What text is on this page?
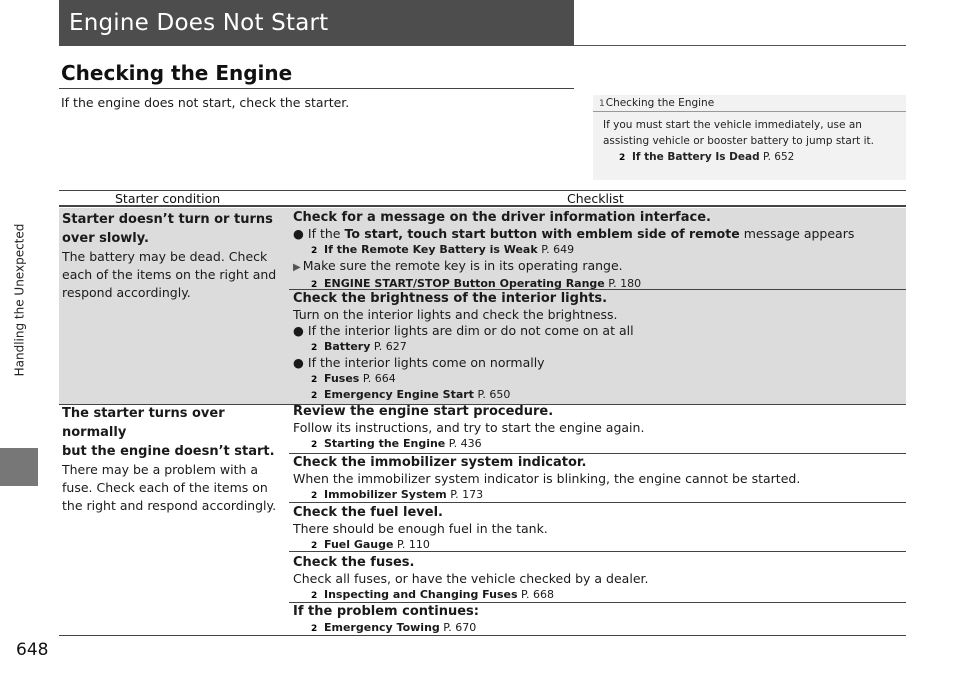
Handling the Unexpected
648
Engine Does Not Start
Checking the Engine
If the engine does not start, check the starter.	1Checking the Engine
If you must start the vehicle immediately, use an
assisting vehicle or booster battery to jump start it.
2 If the Battery Is Dead P. 652
Starter condition	Checklist
Starter doesn’t turn or turns
over slowly.
The battery may be dead. Check
each of the items on the right and
respond accordingly.
Check for a message on the driver information interface.
● If the To start, touch start button with emblem side of remote message appears
2 If the Remote Key Battery is Weak P. 649
▶ Make sure the remote key is in its operating range.
2 ENGINE START/STOP Button Operating Range P. 180
Check the brightness of the interior lights.
Turn on the interior lights and check the brightness.
● If the interior lights are dim or do not come on at all
2 Battery P. 627
● If the interior lights come on normally
2 Fuses P. 664
2 Emergency Engine Start P. 650
The starter turns over normally
but the engine doesn’t start.
There may be a problem with a
fuse. Check each of the items on
the right and respond accordingly.
Review the engine start procedure.
Follow its instructions, and try to start the engine again.
2 Starting the Engine P. 436
Check the immobilizer system indicator.
When the immobilizer system indicator is blinking, the engine cannot be started.
2 Immobilizer System P. 173
Check the fuel level.
There should be enough fuel in the tank.
2 Fuel Gauge P. 110
Check the fuses.
Check all fuses, or have the vehicle checked by a dealer.
2 Inspecting and Changing Fuses P. 668
If the problem continues:
2 Emergency Towing P. 670
